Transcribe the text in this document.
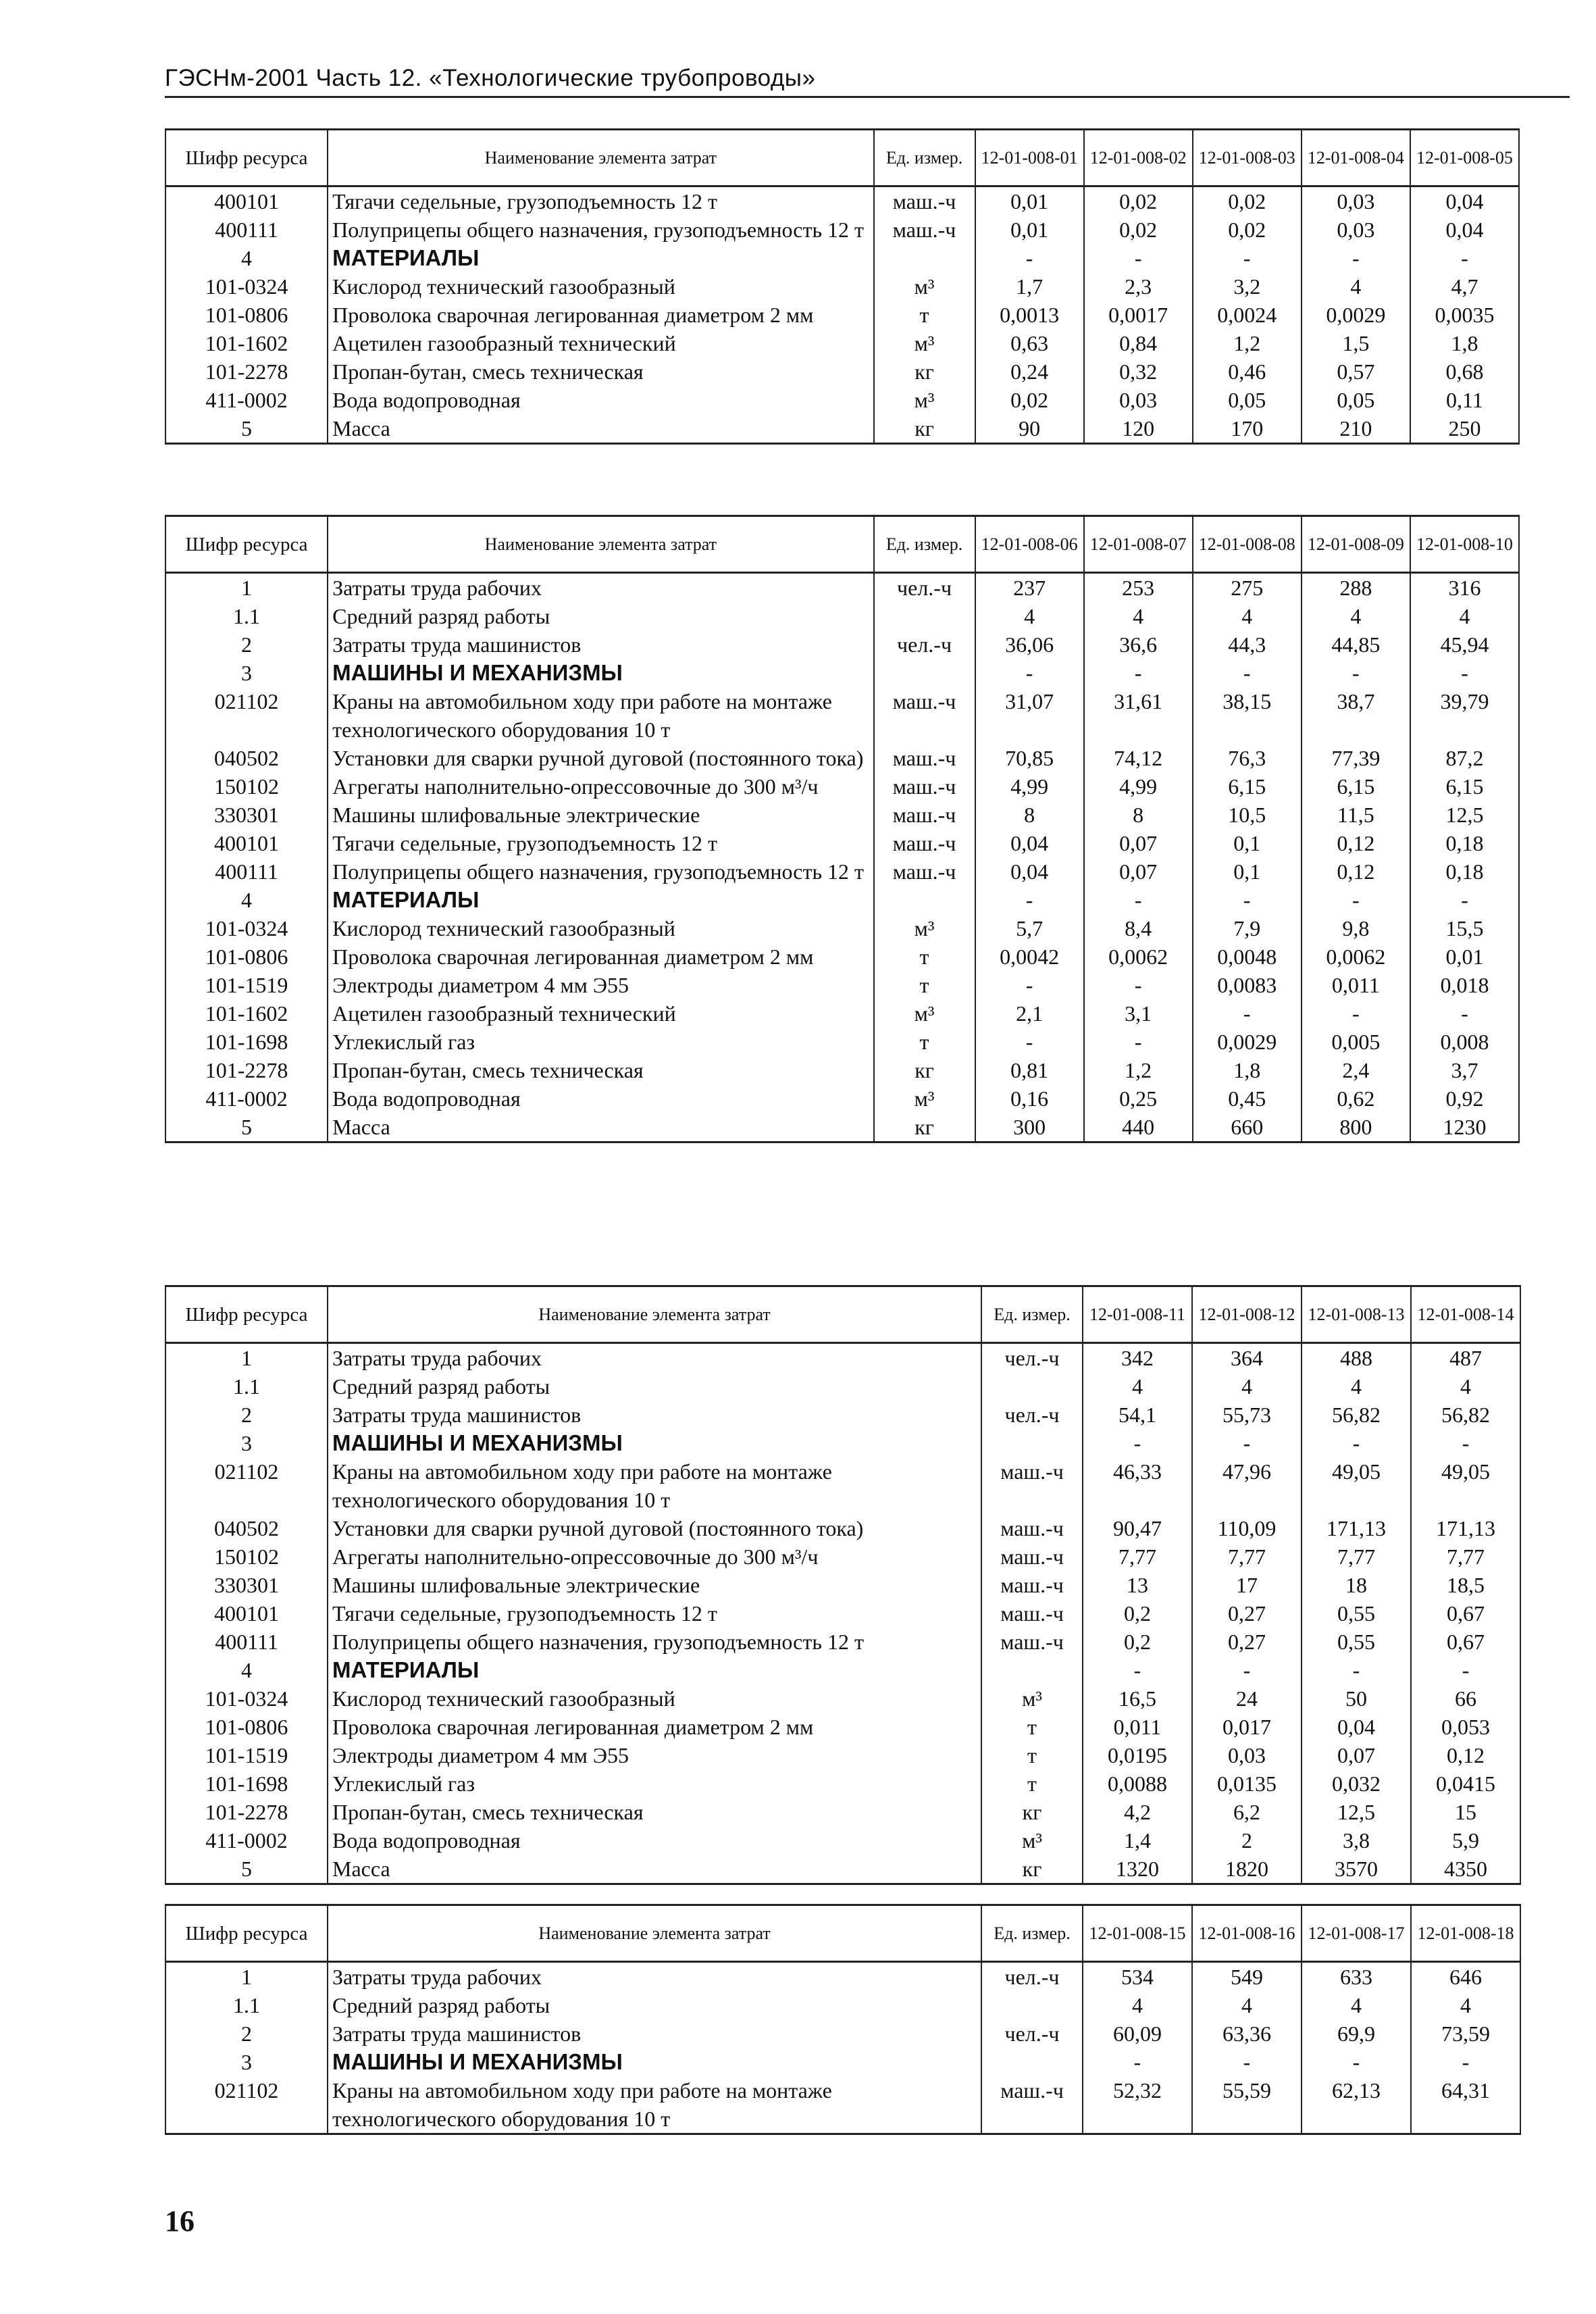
ГЭСНм-2001 Часть 12. «Технологические трубопроводы»
Шифр ресурса	Наименование элемента затрат	Ед. измер.	12-01-008-01	12-01-008-02	12-01-008-03	12-01-008-04	12-01-008-05
400101	Тягачи седельные, грузоподъемность 12 т	маш.-ч	0,01	0,02	0,02	0,03	0,04
400111	Полуприцепы общего назначения, грузоподъемность 12 т	маш.-ч	0,01	0,02	0,02	0,03	0,04
4	МАТЕРИАЛЫ		-	-	-	-	-
101-0324	Кислород технический газообразный	м³	1,7	2,3	3,2	4	4,7
101-0806	Проволока сварочная легированная диаметром 2 мм	т	0,0013	0,0017	0,0024	0,0029	0,0035
101-1602	Ацетилен газообразный технический	м³	0,63	0,84	1,2	1,5	1,8
101-2278	Пропан-бутан, смесь техническая	кг	0,24	0,32	0,46	0,57	0,68
411-0002	Вода водопроводная	м³	0,02	0,03	0,05	0,05	0,11
5	Масса	кг	90	120	170	210	250
Шифр ресурса	Наименование элемента затрат	Ед. измер.	12-01-008-06	12-01-008-07	12-01-008-08	12-01-008-09	12-01-008-10
1	Затраты труда рабочих	чел.-ч	237	253	275	288	316
1.1	Средний разряд работы		4	4	4	4	4
2	Затраты труда машинистов	чел.-ч	36,06	36,6	44,3	44,85	45,94
3	МАШИНЫ И МЕХАНИЗМЫ		-	-	-	-	-
021102	Краны на автомобильном ходу при работе на монтаже технологического оборудования 10 т	маш.-ч	31,07	31,61	38,15	38,7	39,79
040502	Установки для сварки ручной дуговой (постоянного тока)	маш.-ч	70,85	74,12	76,3	77,39	87,2
150102	Агрегаты наполнительно-опрессовочные до 300 м³/ч	маш.-ч	4,99	4,99	6,15	6,15	6,15
330301	Машины шлифовальные электрические	маш.-ч	8	8	10,5	11,5	12,5
400101	Тягачи седельные, грузоподъемность 12 т	маш.-ч	0,04	0,07	0,1	0,12	0,18
400111	Полуприцепы общего назначения, грузоподъемность 12 т	маш.-ч	0,04	0,07	0,1	0,12	0,18
4	МАТЕРИАЛЫ		-	-	-	-	-
101-0324	Кислород технический газообразный	м³	5,7	8,4	7,9	9,8	15,5
101-0806	Проволока сварочная легированная диаметром 2 мм	т	0,0042	0,0062	0,0048	0,0062	0,01
101-1519	Электроды диаметром 4 мм Э55	т	-	-	0,0083	0,011	0,018
101-1602	Ацетилен газообразный технический	м³	2,1	3,1	-	-	-
101-1698	Углекислый газ	т	-	-	0,0029	0,005	0,008
101-2278	Пропан-бутан, смесь техническая	кг	0,81	1,2	1,8	2,4	3,7
411-0002	Вода водопроводная	м³	0,16	0,25	0,45	0,62	0,92
5	Масса	кг	300	440	660	800	1230
Шифр ресурса	Наименование элемента затрат	Ед. измер.	12-01-008-11	12-01-008-12	12-01-008-13	12-01-008-14
1	Затраты труда рабочих	чел.-ч	342	364	488	487
1.1	Средний разряд работы		4	4	4	4
2	Затраты труда машинистов	чел.-ч	54,1	55,73	56,82	56,82
3	МАШИНЫ И МЕХАНИЗМЫ		-	-	-	-
021102	Краны на автомобильном ходу при работе на монтаже технологического оборудования 10 т	маш.-ч	46,33	47,96	49,05	49,05
040502	Установки для сварки ручной дуговой (постоянного тока)	маш.-ч	90,47	110,09	171,13	171,13
150102	Агрегаты наполнительно-опрессовочные до 300 м³/ч	маш.-ч	7,77	7,77	7,77	7,77
330301	Машины шлифовальные электрические	маш.-ч	13	17	18	18,5
400101	Тягачи седельные, грузоподъемность 12 т	маш.-ч	0,2	0,27	0,55	0,67
400111	Полуприцепы общего назначения, грузоподъемность 12 т	маш.-ч	0,2	0,27	0,55	0,67
4	МАТЕРИАЛЫ		-	-	-	-
101-0324	Кислород технический газообразный	м³	16,5	24	50	66
101-0806	Проволока сварочная легированная диаметром 2 мм	т	0,011	0,017	0,04	0,053
101-1519	Электроды диаметром 4 мм Э55	т	0,0195	0,03	0,07	0,12
101-1698	Углекислый газ	т	0,0088	0,0135	0,032	0,0415
101-2278	Пропан-бутан, смесь техническая	кг	4,2	6,2	12,5	15
411-0002	Вода водопроводная	м³	1,4	2	3,8	5,9
5	Масса	кг	1320	1820	3570	4350
Шифр ресурса	Наименование элемента затрат	Ед. измер.	12-01-008-15	12-01-008-16	12-01-008-17	12-01-008-18
1	Затраты труда рабочих	чел.-ч	534	549	633	646
1.1	Средний разряд работы		4	4	4	4
2	Затраты труда машинистов	чел.-ч	60,09	63,36	69,9	73,59
3	МАШИНЫ И МЕХАНИЗМЫ		-	-	-	-
021102	Краны на автомобильном ходу при работе на монтаже технологического оборудования 10 т	маш.-ч	52,32	55,59	62,13	64,31
16
